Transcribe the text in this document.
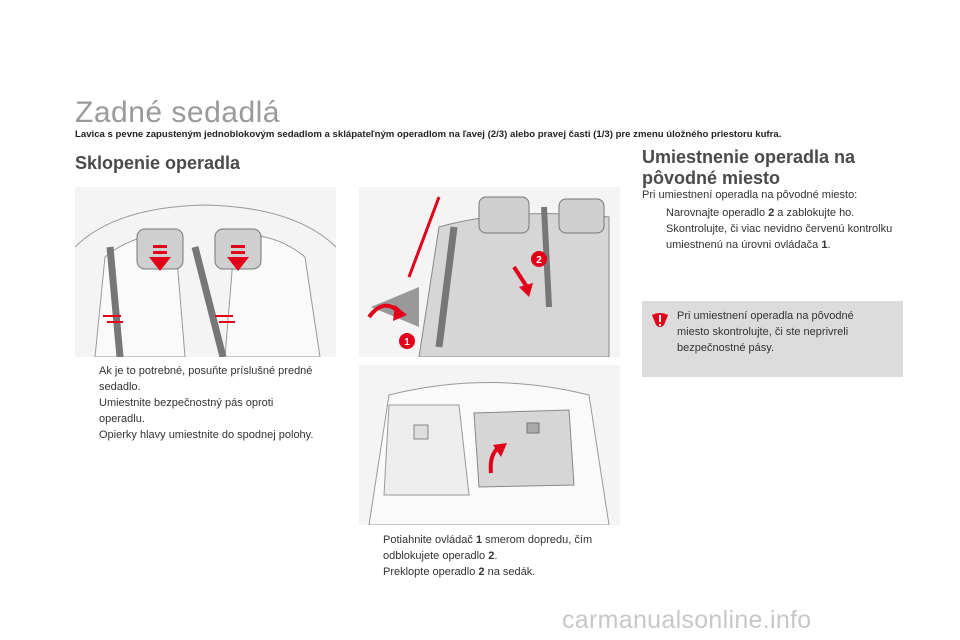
Zadné sedadlá
Lavica s pevne zapusteným jednoblokovým sedadlom a sklápateľným operadlom na ľavej (2/3) alebo pravej časti (1/3) pre zmenu úložného priestoru kufra.
Sklopenie operadla
Ak je to potrebné, posuňte príslušné predné sedadlo.
Umiestnite bezpečnostný pás oproti operadlu.
Opierky hlavy umiestnite do spodnej polohy.
1
2
Potiahnite ovládač 1 smerom dopredu, čím odblokujete operadlo 2.
Preklopte operadlo 2 na sedák.
Umiestnenie operadla na pôvodné miesto
Pri umiestnení operadla na pôvodné miesto:
Narovnajte operadlo 2 a zablokujte ho.
Skontrolujte, či viac nevidno červenú kontrolku umiestnenú na úrovni ovládača 1.
Pri umiestnení operadla na pôvodné miesto skontrolujte, či ste neprivreli bezpečnostné pásy.
carmanualsonline.info
